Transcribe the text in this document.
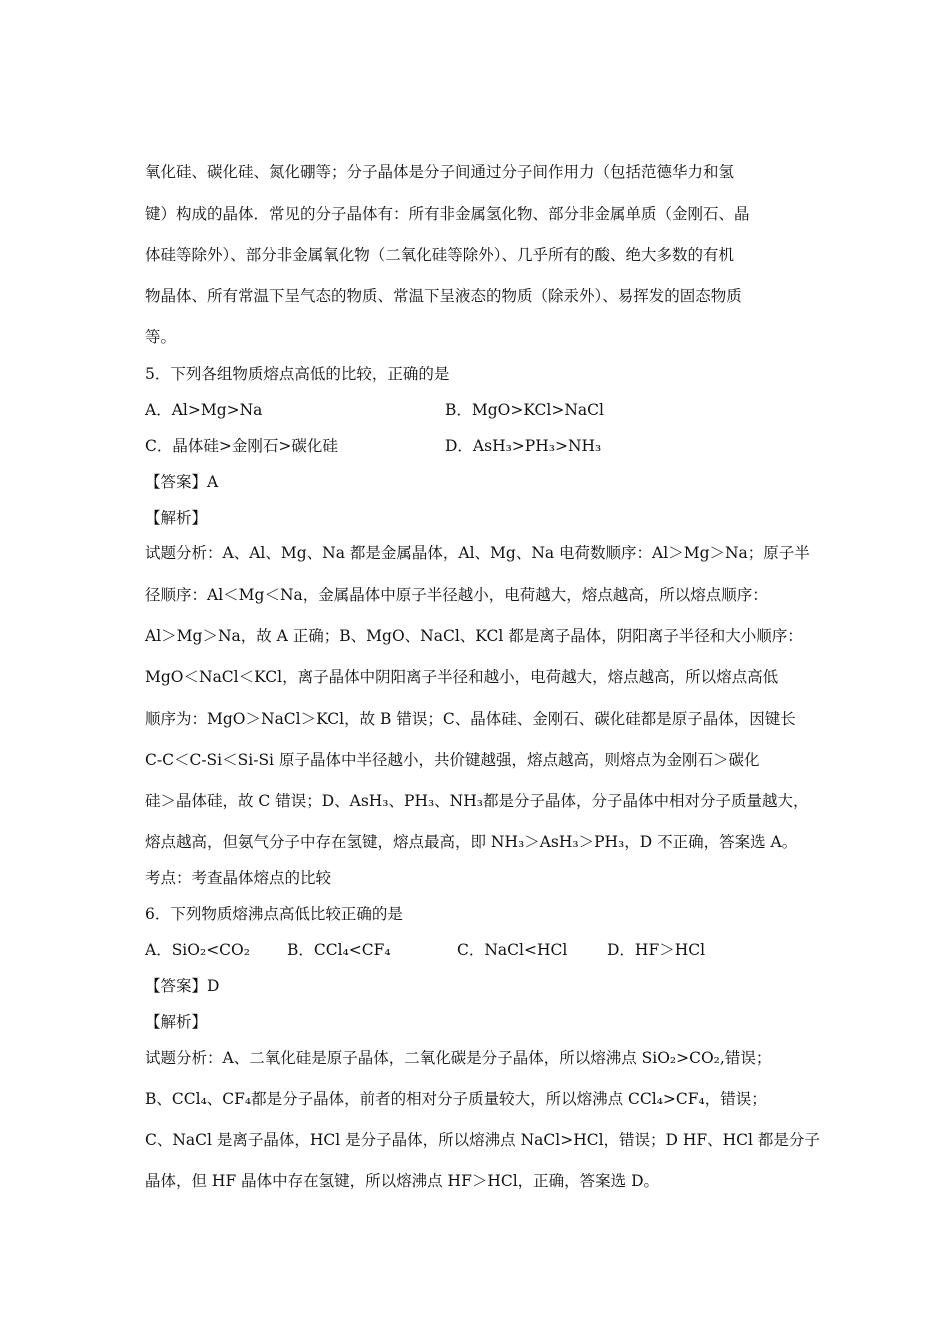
氧化硅、碳化硅、氮化硼等；分子晶体是分子间通过分子间作用力（包括范德华力和氢
键）构成的晶体．常见的分子晶体有：所有非金属氢化物、部分非金属单质（金刚石、晶
体硅等除外）、部分非金属氧化物（二氧化硅等除外）、几乎所有的酸、绝大多数的有机
物晶体、所有常温下呈气态的物质、常温下呈液态的物质（除汞外）、易挥发的固态物质
等。
5．下列各组物质熔点高低的比较，正确的是
A．Al>Mg>Na	B．MgO>KCl>NaCl
C．晶体硅>金刚石>碳化硅	D．AsH₃>PH₃>NH₃
【答案】A
【解析】
试题分析：A、Al、Mg、Na 都是金属晶体，Al、Mg、Na 电荷数顺序：Al＞Mg＞Na；原子半
径顺序：Al＜Mg＜Na，金属晶体中原子半径越小，电荷越大，熔点越高，所以熔点顺序：
Al＞Mg＞Na，故 A 正确；B、MgO、NaCl、KCl 都是离子晶体，阴阳离子半径和大小顺序：
MgO＜NaCl＜KCl，离子晶体中阴阳离子半径和越小，电荷越大，熔点越高，所以熔点高低
顺序为：MgO＞NaCl＞KCl，故 B 错误；C、晶体硅、金刚石、碳化硅都是原子晶体，因键长
C-C＜C-Si＜Si-Si 原子晶体中半径越小，共价键越强，熔点越高，则熔点为金刚石＞碳化
硅＞晶体硅，故 C 错误；D、AsH₃、PH₃、NH₃都是分子晶体，分子晶体中相对分子质量越大，
熔点越高，但氨气分子中存在氢键，熔点最高，即 NH₃＞AsH₃＞PH₃，D 不正确，答案选 A。
考点：考查晶体熔点的比较
6．下列物质熔沸点高低比较正确的是
A．SiO₂<CO₂ B．CCl₄<CF₄	C．NaCl<HCl	D．HF＞HCl
【答案】D
【解析】
试题分析：A、二氧化硅是原子晶体，二氧化碳是分子晶体，所以熔沸点 SiO₂>CO₂,错误；
B、CCl₄、CF₄都是分子晶体，前者的相对分子质量较大，所以熔沸点 CCl₄>CF₄，错误；
C、NaCl 是离子晶体，HCl 是分子晶体，所以熔沸点 NaCl>HCl，错误；D HF、HCl 都是分子
晶体，但 HF 晶体中存在氢键，所以熔沸点 HF＞HCl，正确，答案选 D。
